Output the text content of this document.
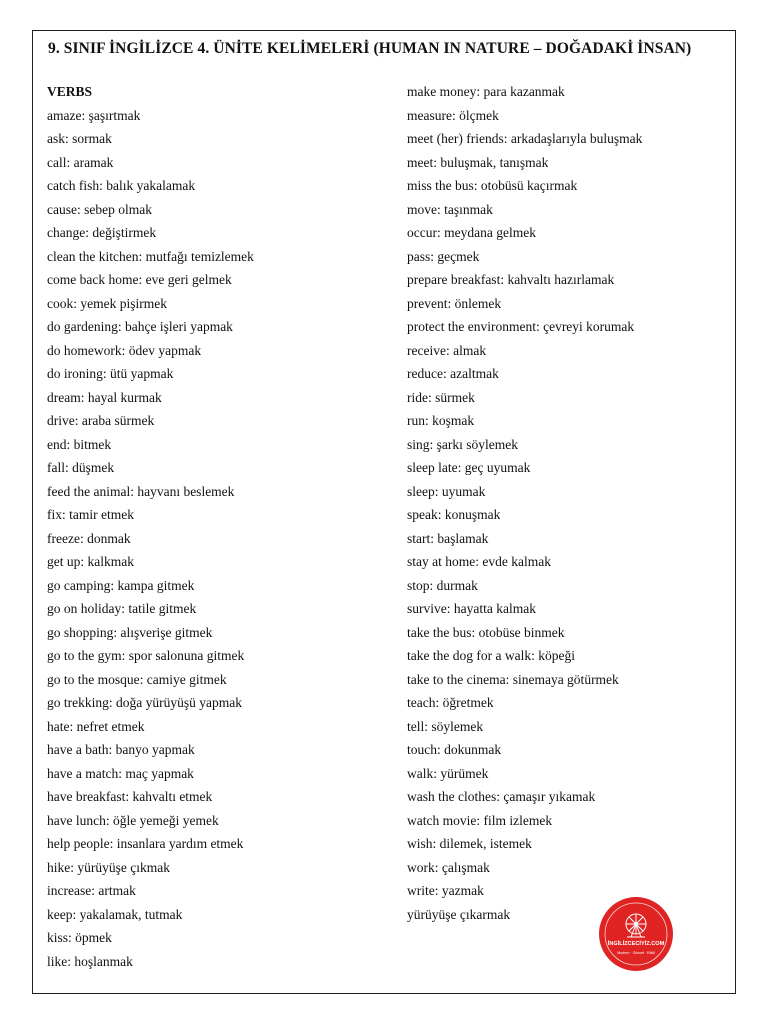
9. SINIF İNGİLİZCE 4. ÜNİTE KELİMELERİ (HUMAN IN NATURE – DOĞADAKİ İNSAN)
VERBS
amaze: şaşırtmak
ask: sormak
call: aramak
catch fish: balık yakalamak
cause: sebep olmak
change: değiştirmek
clean the kitchen: mutfağı temizlemek
come back home: eve geri gelmek
cook: yemek pişirmek
do gardening: bahçe işleri yapmak
do homework: ödev yapmak
do ironing: ütü yapmak
dream: hayal kurmak
drive: araba sürmek
end: bitmek
fall: düşmek
feed the animal: hayvanı beslemek
fix: tamir etmek
freeze: donmak
get up: kalkmak
go camping: kampa gitmek
go on holiday: tatile gitmek
go shopping: alışverişe gitmek
go to the gym: spor salonuna gitmek
go to the mosque: camiye gitmek
go trekking: doğa yürüyüşü yapmak
hate: nefret etmek
have a bath: banyo yapmak
have a match: maç yapmak
have breakfast: kahvaltı etmek
have lunch: öğle yemeği yemek
help people: insanlara yardım etmek
hike: yürüyüşe çıkmak
increase: artmak
keep: yakalamak, tutmak
kiss: öpmek
like: hoşlanmak
make money: para kazanmak
measure: ölçmek
meet (her) friends: arkadaşlarıyla buluşmak
meet: buluşmak, tanışmak
miss the bus: otobüsü kaçırmak
move: taşınmak
occur: meydana gelmek
pass: geçmek
prepare breakfast: kahvaltı hazırlamak
prevent: önlemek
protect the environment: çevreyi korumak
receive: almak
reduce: azaltmak
ride: sürmek
run: koşmak
sing: şarkı söylemek
sleep late: geç uyumak
sleep: uyumak
speak: konuşmak
start: başlamak
stay at home: evde kalmak
stop: durmak
survive: hayatta kalmak
take the bus: otobüse binmek
take the dog for a walk: köpeği
take to the cinema: sinemaya götürmek
teach: öğretmek
tell: söylemek
touch: dokunmak
walk: yürümek
wash the clothes: çamaşır yıkamak
watch movie: film izlemek
wish: dilemek, istemek
work: çalışmak
write: yazmak
yürüyüşe çıkarmak
İNGİLİZCECİYİZ.COM
Modern · Güncel · Etkili
